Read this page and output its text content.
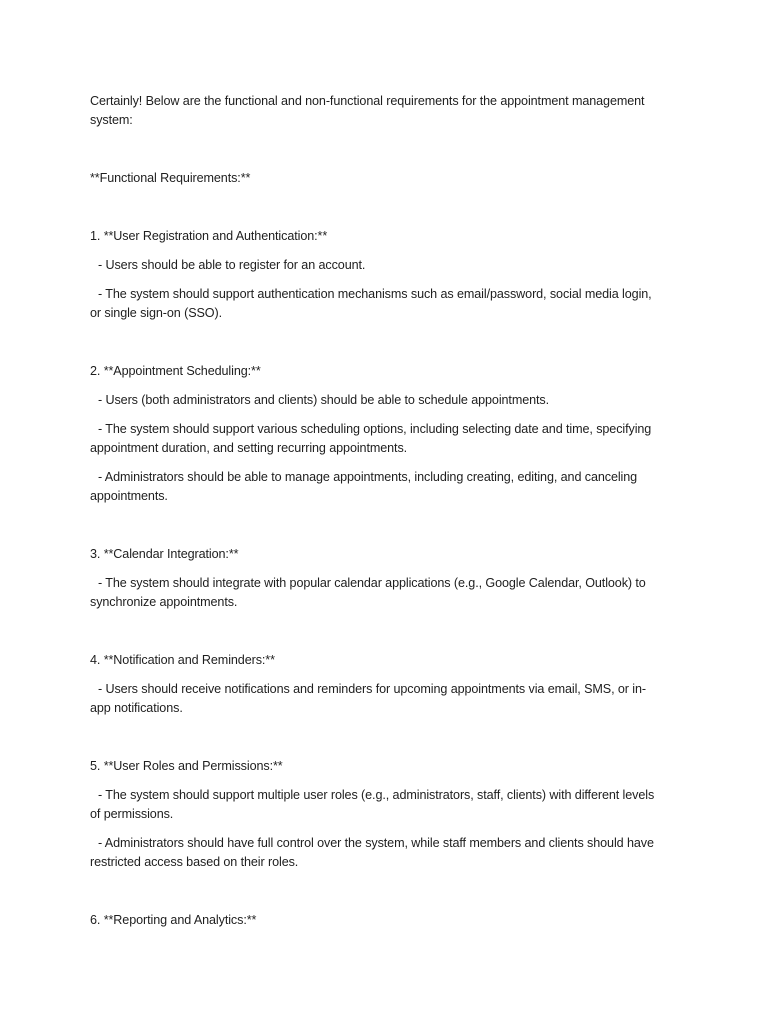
Certainly! Below are the functional and non-functional requirements for the appointment management
system:
**Functional Requirements:**
1. **User Registration and Authentication:**
- Users should be able to register for an account.
- The system should support authentication mechanisms such as email/password, social media login,
or single sign-on (SSO).
2. **Appointment Scheduling:**
- Users (both administrators and clients) should be able to schedule appointments.
- The system should support various scheduling options, including selecting date and time, specifying
appointment duration, and setting recurring appointments.
- Administrators should be able to manage appointments, including creating, editing, and canceling
appointments.
3. **Calendar Integration:**
- The system should integrate with popular calendar applications (e.g., Google Calendar, Outlook) to
synchronize appointments.
4. **Notification and Reminders:**
- Users should receive notifications and reminders for upcoming appointments via email, SMS, or in-
app notifications.
5. **User Roles and Permissions:**
- The system should support multiple user roles (e.g., administrators, staff, clients) with different levels
of permissions.
- Administrators should have full control over the system, while staff members and clients should have
restricted access based on their roles.
6. **Reporting and Analytics:**
